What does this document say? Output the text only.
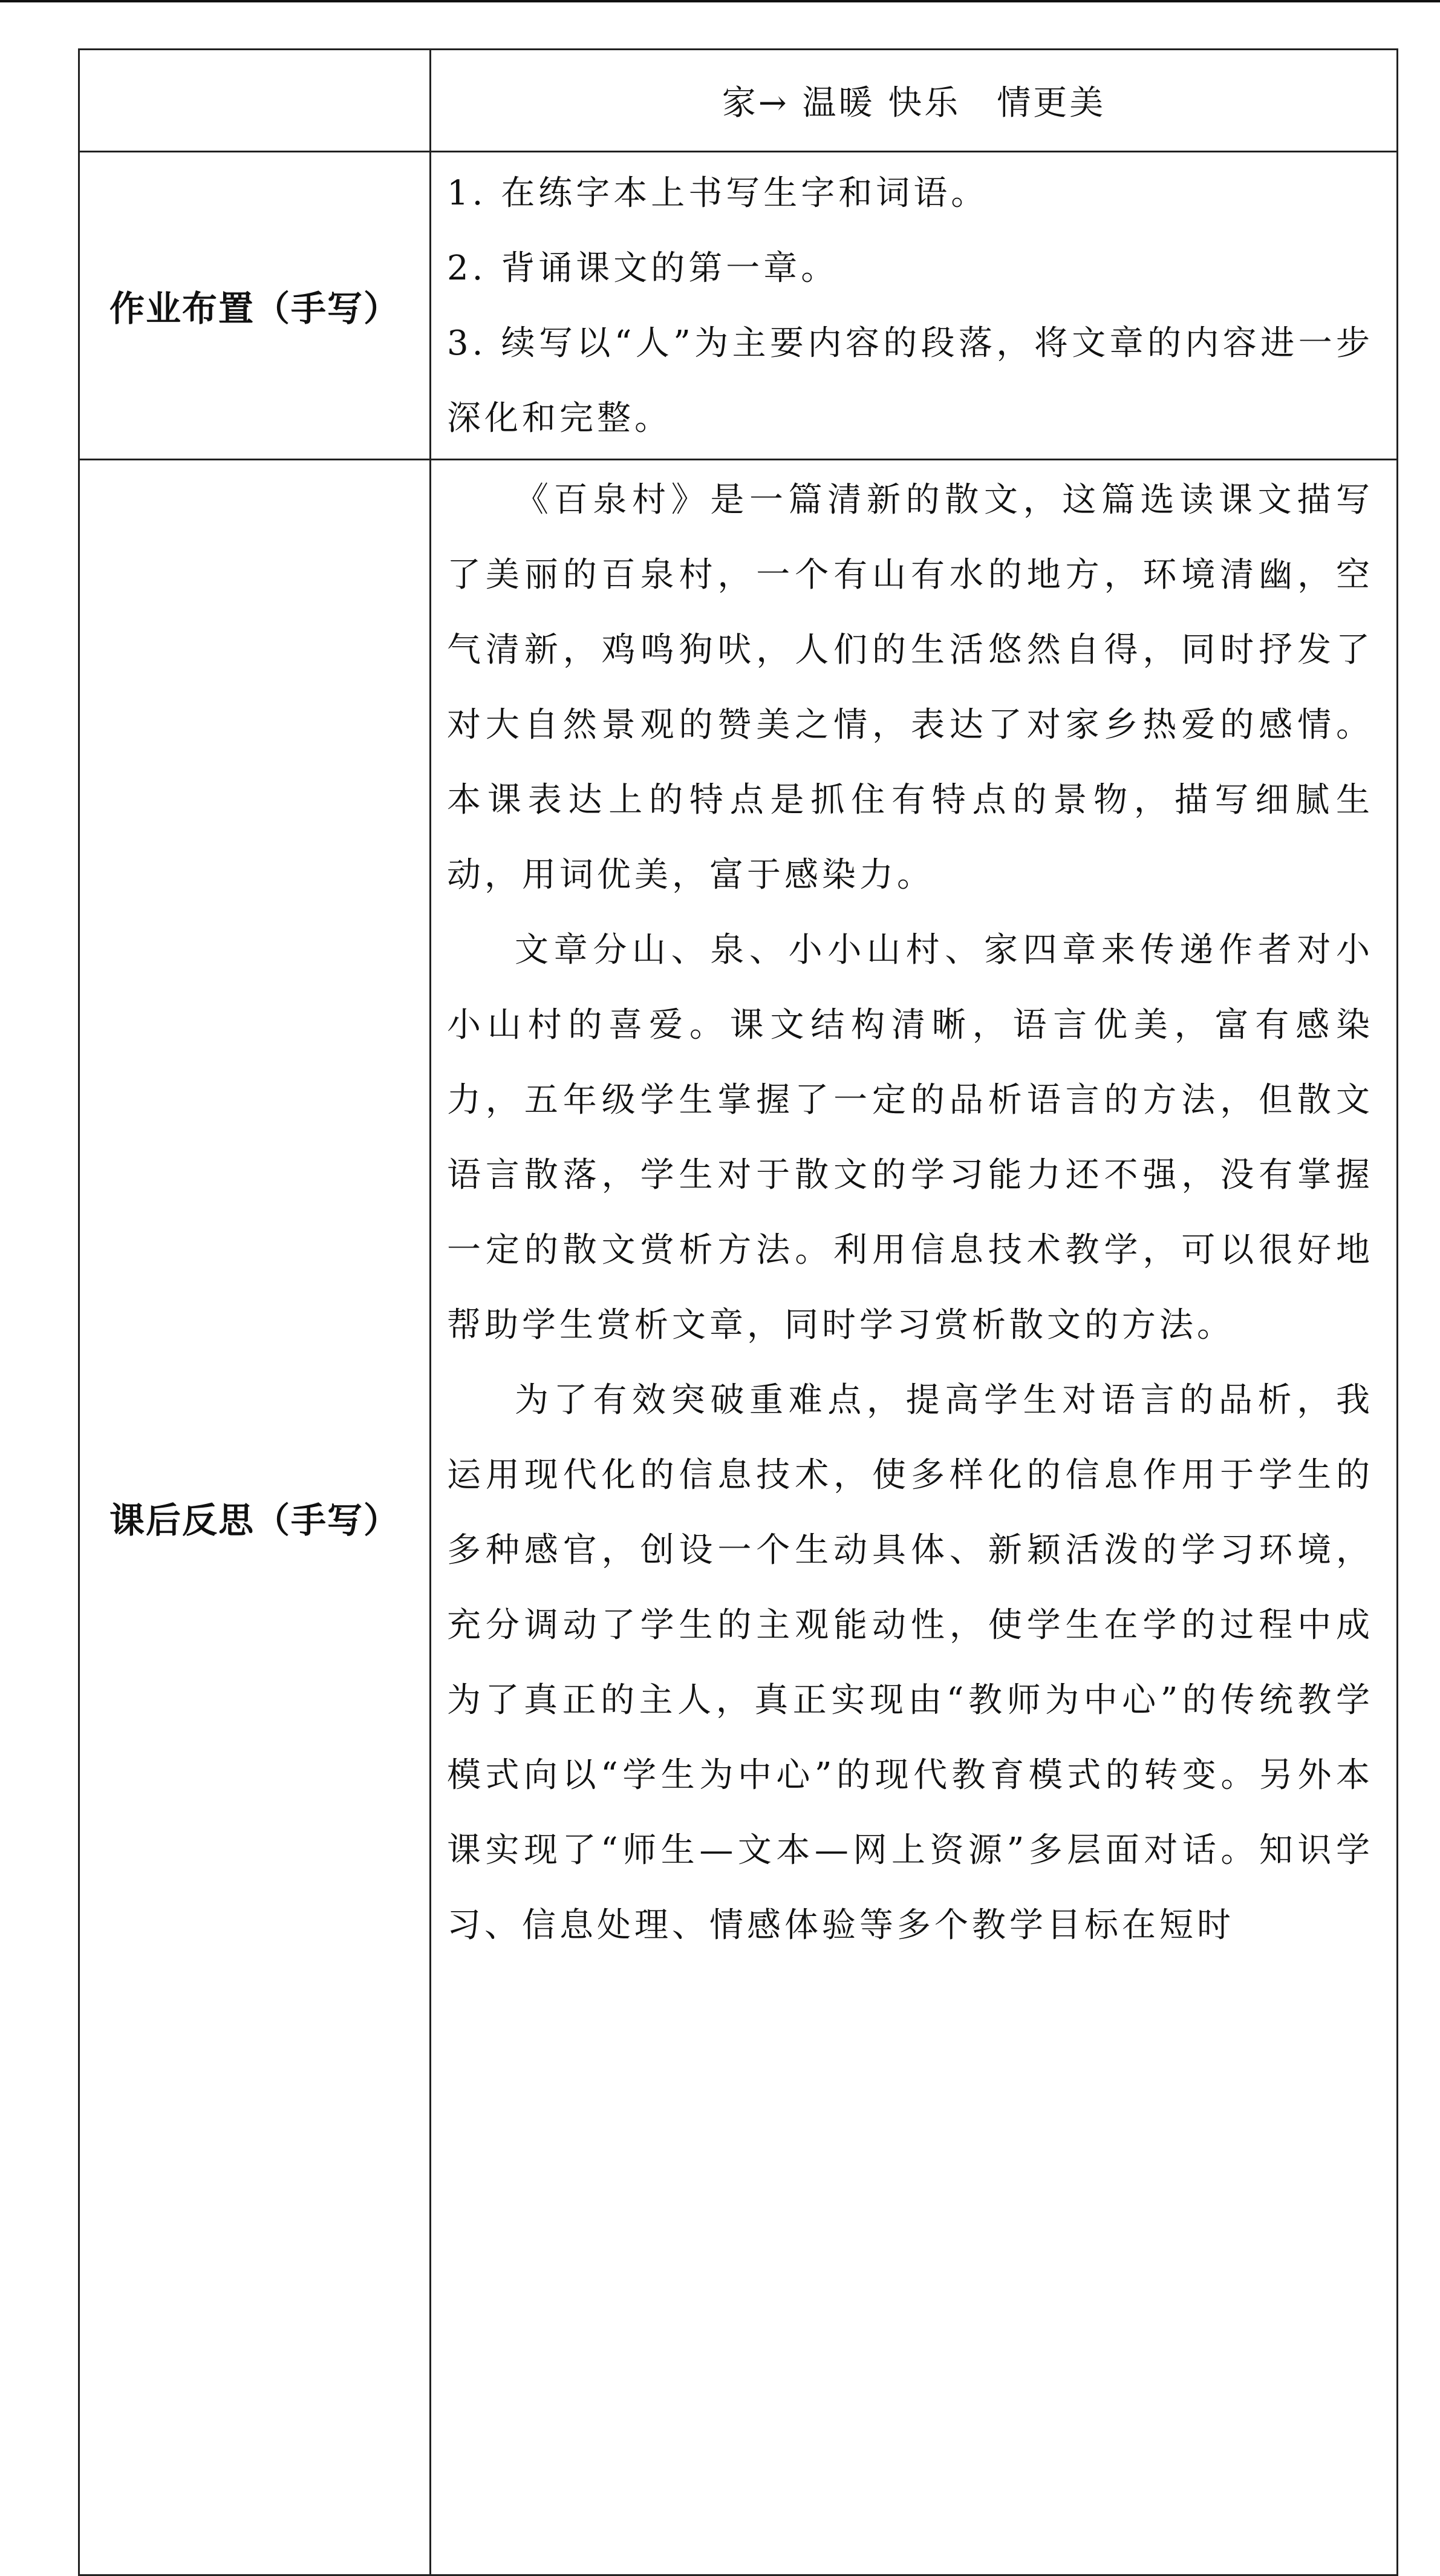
	家→ 温暖 快乐　情更美
作业布置（手写）	1. 在练字本上书写生字和词语。

2. 背诵课文的第一章。

3. 续写以“人”为主要内容的段落，将文章的内容进一步深化和完整。

课后反思（手写）	《百泉村》是一篇清新的散文，这篇选读课文描写了美丽的百泉村，一个有山有水的地方，环境清幽，空气清新，鸡鸣狗吠，人们的生活悠然自得，同时抒发了对大自然景观的赞美之情，表达了对家乡热爱的感情。本课表达上的特点是抓住有特点的景物，描写细腻生动，用词优美，富于感染力。

文章分山、泉、小小山村、家四章来传递作者对小小山村的喜爱。课文结构清晰，语言优美，富有感染力，五年级学生掌握了一定的品析语言的方法，但散文语言散落，学生对于散文的学习能力还不强，没有掌握一定的散文赏析方法。利用信息技术教学，可以很好地帮助学生赏析文章，同时学习赏析散文的方法。

为了有效突破重难点，提高学生对语言的品析，我运用现代化的信息技术，使多样化的信息作用于学生的多种感官，创设一个生动具体、新颖活泼的学习环境，充分调动了学生的主观能动性，使学生在学的过程中成为了真正的主人，真正实现由“教师为中心”的传统教学模式向以“学生为中心”的现代教育模式的转变。另外本课实现了“师生—文本—网上资源”多层面对话。知识学习、信息处理、情感体验等多个教学目标在短时
